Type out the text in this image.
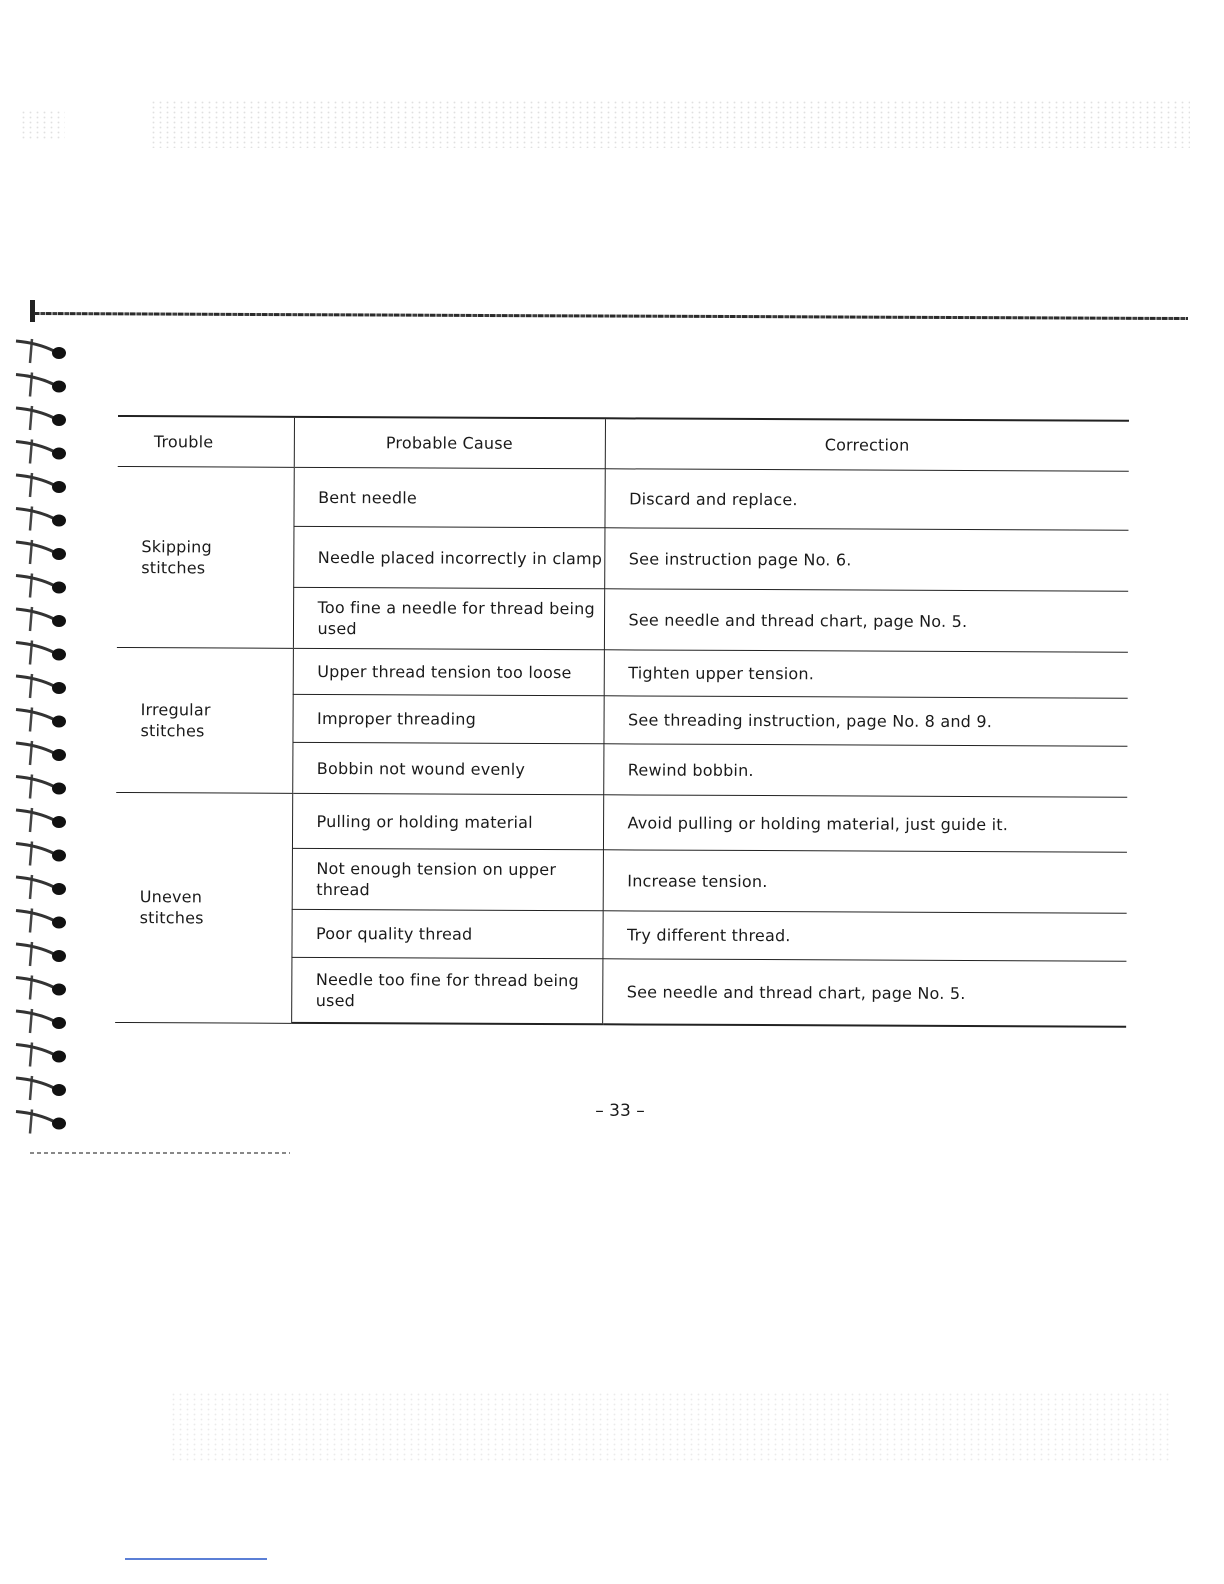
Trouble	Probable Cause	Correction
Skipping stitches	Bent needle	Discard and replace.
	Needle placed incorrectly in clamp	See instruction page No. 6.
	Too fine a needle for thread being used	See needle and thread chart, page No. 5.
Irregular stitches	Upper thread tension too loose	Tighten upper tension.
	Improper threading	See threading instruction, page No. 8 and 9.
	Bobbin not wound evenly	Rewind bobbin.
Uneven stitches	Pulling or holding material	Avoid pulling or holding material, just guide it.
	Not enough tension on upper thread	Increase tension.
	Poor quality thread	Try different thread.
	Needle too fine for thread being used	See needle and thread chart, page No. 5.
– 33 –
